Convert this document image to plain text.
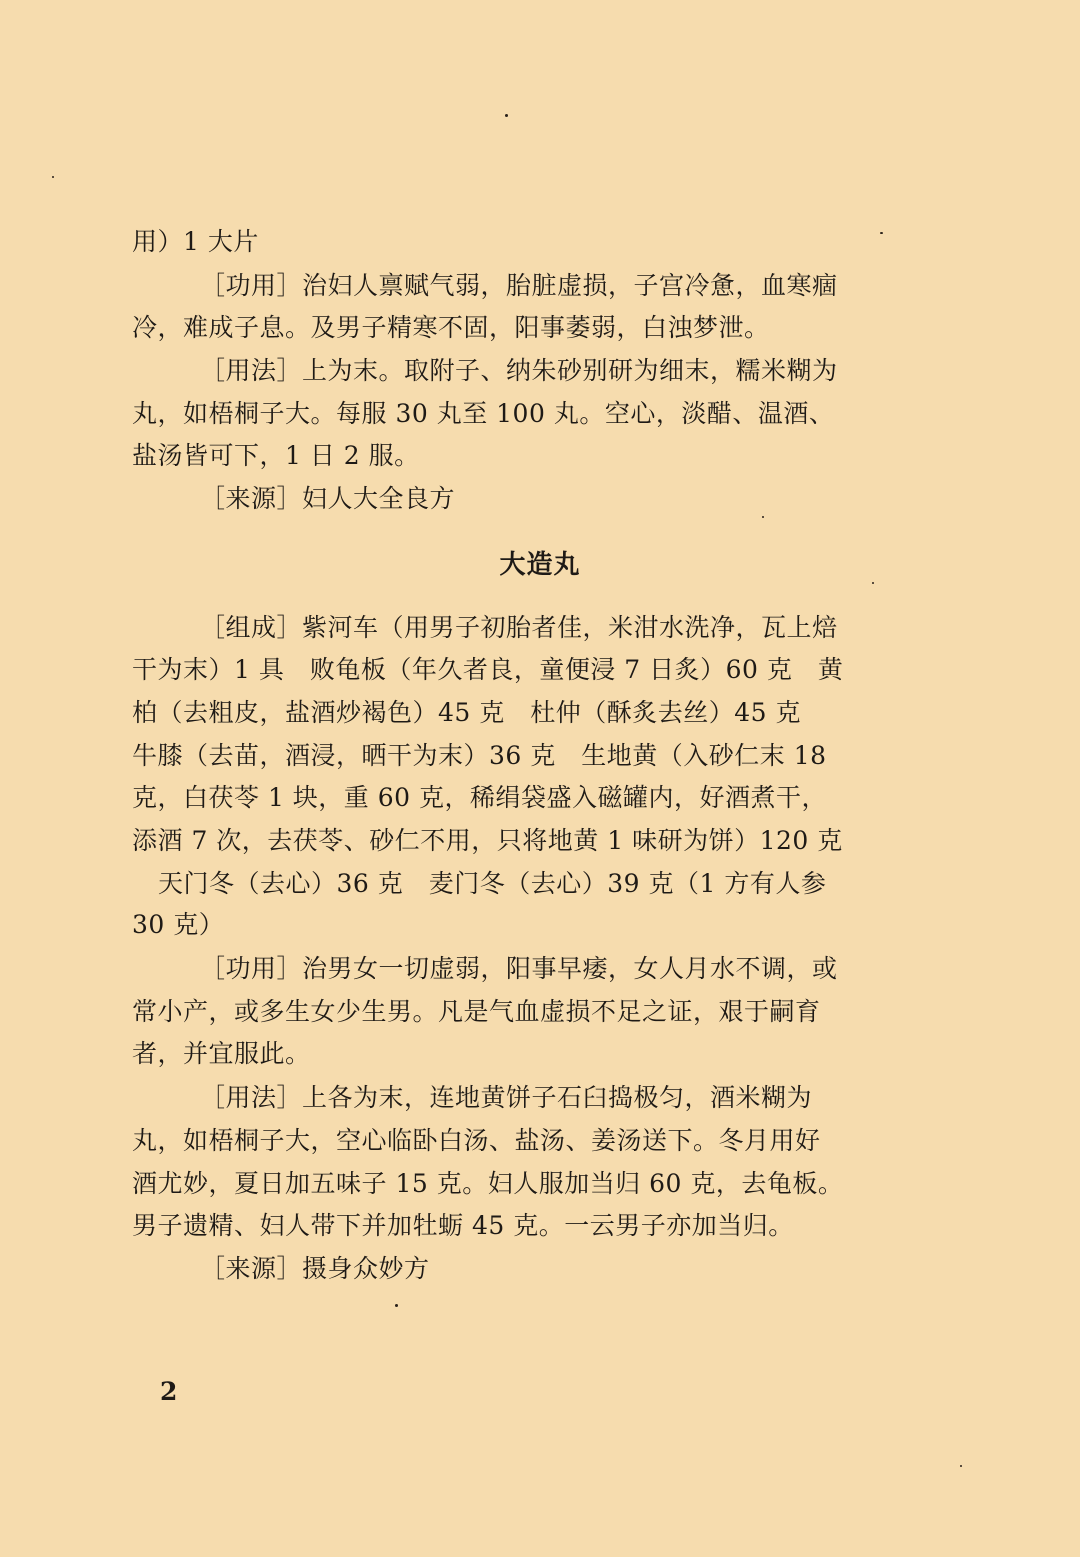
用）1 大片
［功用］治妇人禀赋气弱，胎脏虚损，子宫冷惫，血寒痼
冷，难成子息。及男子精寒不固，阳事萎弱，白浊梦泄。
［用法］上为末。取附子、纳朱砂别研为细末，糯米糊为
丸，如梧桐子大。每服 30 丸至 100 丸。空心，淡醋、温酒、
盐汤皆可下，1 日 2 服。
［来源］妇人大全良方
大造丸
［组成］紫河车（用男子初胎者佳，米泔水洗净，瓦上焙
干为末）1 具　败龟板（年久者良，童便浸 7 日炙）60 克　黄
柏（去粗皮，盐酒炒褐色）45 克　杜仲（酥炙去丝）45 克
牛膝（去苗，酒浸，晒干为末）36 克　生地黄（入砂仁末 18
克，白茯苓 1 块，重 60 克，稀绢袋盛入磁罐内，好酒煮干，
添酒 7 次，去茯苓、砂仁不用，只将地黄 1 味研为饼）120 克
天门冬（去心）36 克　麦门冬（去心）39 克（1 方有人参
30 克）
［功用］治男女一切虚弱，阳事早痿，女人月水不调，或
常小产，或多生女少生男。凡是气血虚损不足之证，艰于嗣育
者，并宜服此。
［用法］上各为末，连地黄饼子石臼捣极匀，酒米糊为
丸，如梧桐子大，空心临卧白汤、盐汤、姜汤送下。冬月用好
酒尤妙，夏日加五味子 15 克。妇人服加当归 60 克，去龟板。
男子遗精、妇人带下并加牡蛎 45 克。一云男子亦加当归。
［来源］摄身众妙方
2
